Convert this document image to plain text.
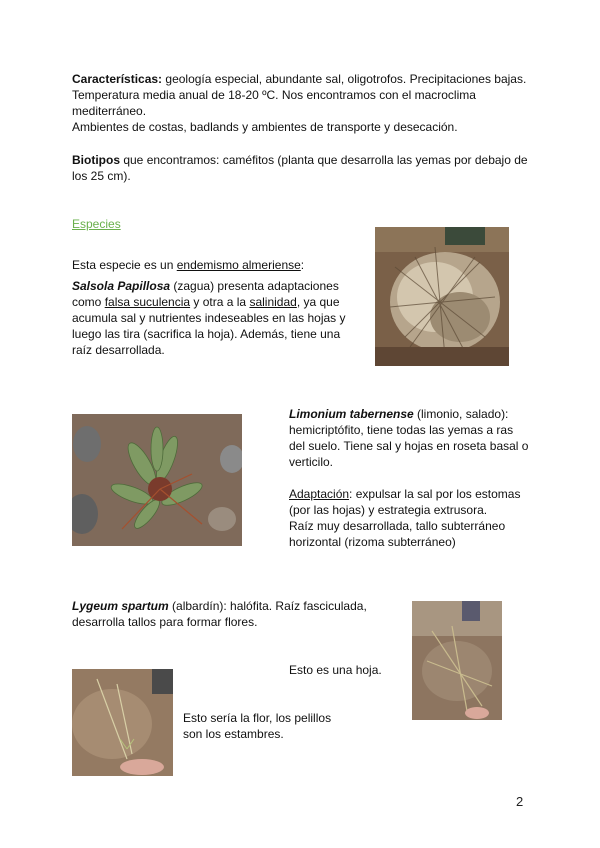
Características: geología especial, abundante sal, oligotrofos. Precipitaciones bajas. Temperatura media anual de 18-20 ºC. Nos encontramos con el macroclima mediterráneo.

Ambientes de costas, badlands y ambientes de transporte y desecación.

Biotipos que encontramos: caméfitos (planta que desarrolla las yemas por debajo de los 25 cm).

Especies
Esta especie es un endemismo almeriense:
Salsola Papillosa (zagua) presenta adaptaciones como falsa suculencia y otra a la salinidad, ya que acumula sal y nutrientes indeseables en las hojas y luego las tira (sacrifica la hoja). Además, tiene una raíz desarrollada.
Limonium tabernense (limonio, salado): hemicriptófito, tiene todas las yemas a ras del suelo. Tiene sal y hojas en roseta basal o verticilo.

Adaptación: expulsar la sal por los estomas (por las hojas) y estrategia extrusora.

Raíz muy desarrollada, tallo subterráneo horizontal (rizoma subterráneo)

Lygeum spartum (albardín): halófita. Raíz fasciculada, desarrolla tallos para formar flores.
Esto es una hoja.
Esto sería la flor, los pelillos son los estambres.
2
